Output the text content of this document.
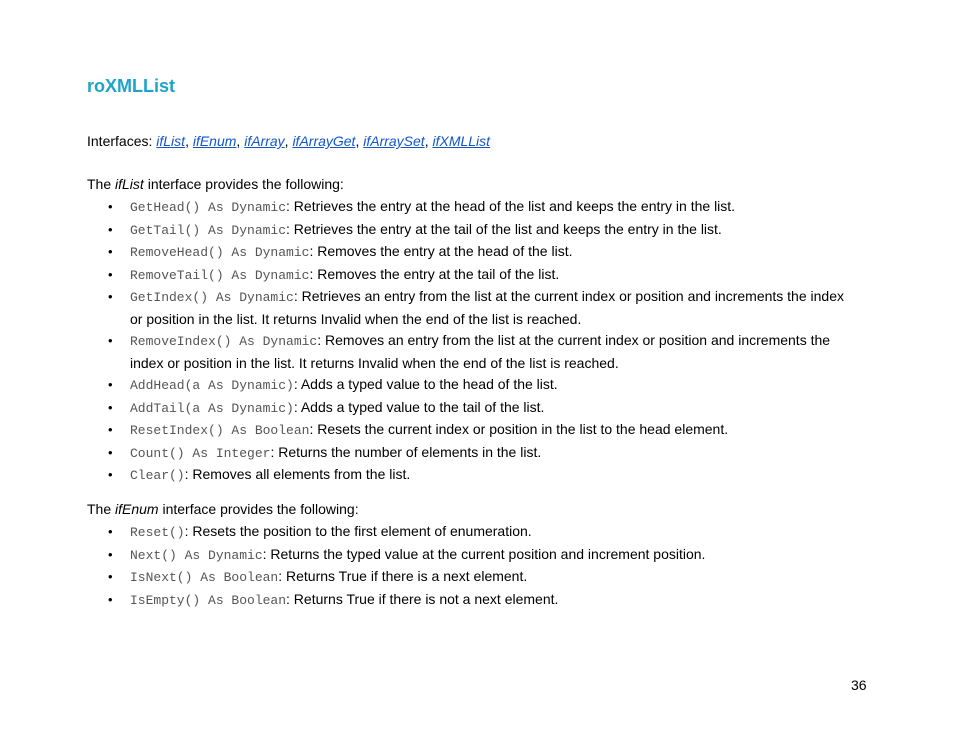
roXMLList
Interfaces: ifList, ifEnum, ifArray, ifArrayGet, ifArraySet, ifXMLList
The ifList interface provides the following:
• GetHead() As Dynamic: Retrieves the entry at the head of the list and keeps the entry in the list.
• GetTail() As Dynamic: Retrieves the entry at the tail of the list and keeps the entry in the list.
• RemoveHead() As Dynamic: Removes the entry at the head of the list.
• RemoveTail() As Dynamic: Removes the entry at the tail of the list.
• GetIndex() As Dynamic: Retrieves an entry from the list at the current index or position and increments the index or position in the list. It returns Invalid when the end of the list is reached.
• RemoveIndex() As Dynamic: Removes an entry from the list at the current index or position and increments the index or position in the list. It returns Invalid when the end of the list is reached.
• AddHead(a As Dynamic): Adds a typed value to the head of the list.
• AddTail(a As Dynamic): Adds a typed value to the tail of the list.
• ResetIndex() As Boolean: Resets the current index or position in the list to the head element.
• Count() As Integer: Returns the number of elements in the list.
• Clear(): Removes all elements from the list.
The ifEnum interface provides the following:
• Reset(): Resets the position to the first element of enumeration.
• Next() As Dynamic: Returns the typed value at the current position and increment position.
• IsNext() As Boolean: Returns True if there is a next element.
• IsEmpty() As Boolean: Returns True if there is not a next element.
36
